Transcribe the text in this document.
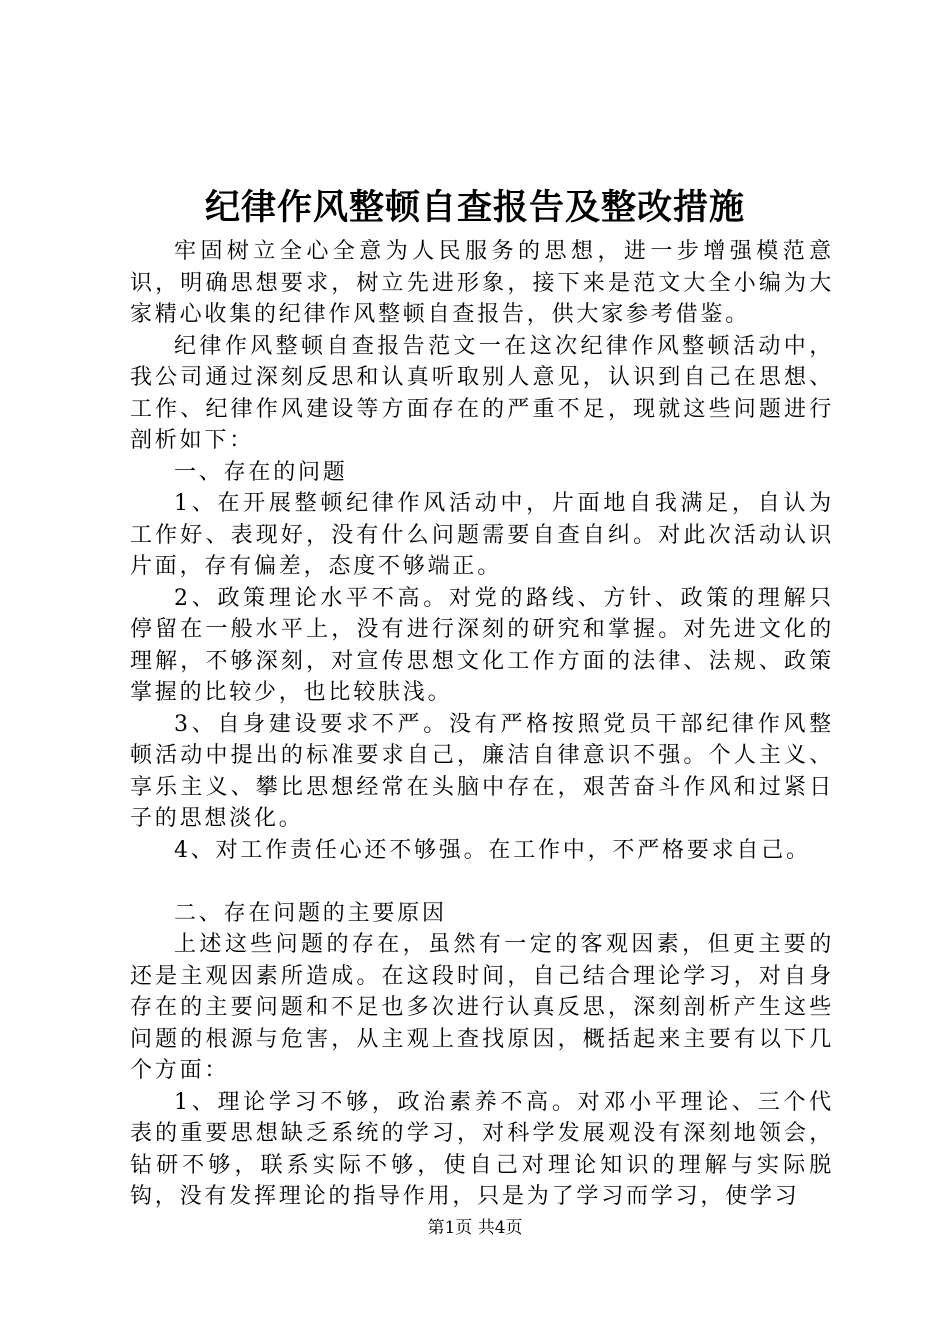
纪律作风整顿自查报告及整改措施

牢固树立全心全意为人民服务的思想，进一步增强模范意识，明确思想要求，树立先进形象，接下来是范文大全小编为大家精心收集的纪律作风整顿自查报告，供大家参考借鉴。

纪律作风整顿自查报告范文一在这次纪律作风整顿活动中，我公司通过深刻反思和认真听取别人意见，认识到自己在思想、工作、纪律作风建设等方面存在的严重不足，现就这些问题进行剖析如下：

一、存在的问题

1、在开展整顿纪律作风活动中，片面地自我满足，自认为工作好、表现好，没有什么问题需要自查自纠。对此次活动认识片面，存有偏差，态度不够端正。

2、政策理论水平不高。对党的路线、方针、政策的理解只停留在一般水平上，没有进行深刻的研究和掌握。对先进文化的理解，不够深刻，对宣传思想文化工作方面的法律、法规、政策掌握的比较少，也比较肤浅。

3、自身建设要求不严。没有严格按照党员干部纪律作风整顿活动中提出的标准要求自己，廉洁自律意识不强。个人主义、享乐主义、攀比思想经常在头脑中存在，艰苦奋斗作风和过紧日子的思想淡化。

4、对工作责任心还不够强。在工作中，不严格要求自己。

二、存在问题的主要原因

上述这些问题的存在，虽然有一定的客观因素，但更主要的还是主观因素所造成。在这段时间，自己结合理论学习，对自身存在的主要问题和不足也多次进行认真反思，深刻剖析产生这些问题的根源与危害，从主观上查找原因，概括起来主要有以下几个方面：

1、理论学习不够，政治素养不高。对邓小平理论、三个代表的重要思想缺乏系统的学习，对科学发展观没有深刻地领会，钻研不够，联系实际不够，使自己对理论知识的理解与实际脱钩，没有发挥理论的指导作用，只是为了学习而学习，使学习

第1页 共4页
